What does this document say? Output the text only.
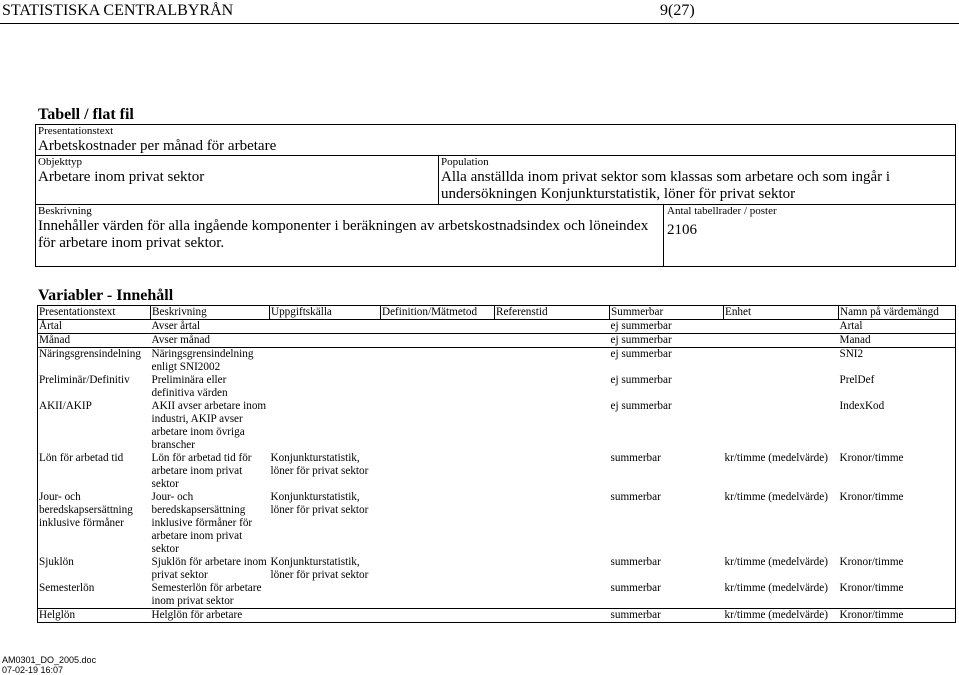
STATISTISKA CENTRALBYRÅN	9(27)
Tabell / flat fil
Presentationstext
Arbetskostnader per månad för arbetare
Objekttyp
Arbetare inom privat sektor
Population
Alla anställda inom privat sektor som klassas som arbetare och som ingår i undersökningen Konjunkturstatistik, löner för privat sektor
Beskrivning
Innehåller värden för alla ingående komponenter i beräkningen av arbetskostnadsindex och löneindex för arbetare inom privat sektor.
Antal tabellrader / poster
2106
Variabler - Innehåll
Presentationstext	Beskrivning	Uppgiftskälla	Definition/Mätmetod	Referenstid	Summerbar	Enhet	Namn på värdemängd
Årtal	Avser årtal				ej summerbar		Artal
Månad	Avser månad				ej summerbar		Manad
Näringsgrensindelning	Näringsgrensindelning enligt SNI2002				ej summerbar		SNI2
Preliminär/Definitiv	Preliminära eller definitiva värden				ej summerbar		PrelDef
AKII/AKIP	AKII avser arbetare inom industri, AKIP avser arbetare inom övriga branscher				ej summerbar		IndexKod
Lön för arbetad tid	Lön för arbetad tid för arbetare inom privat sektor	Konjunkturstatistik, löner för privat sektor			summerbar	kr/timme (medelvärde)	Kronor/timme
Jour- och beredskapsersättning inklusive förmåner	Jour- och beredskapsersättning inklusive förmåner för arbetare inom privat sektor	Konjunkturstatistik, löner för privat sektor			summerbar	kr/timme (medelvärde)	Kronor/timme
Sjuklön	Sjuklön för arbetare inom privat sektor	Konjunkturstatistik, löner för privat sektor			summerbar	kr/timme (medelvärde)	Kronor/timme
Semesterlön	Semesterlön för arbetare inom privat sektor				summerbar	kr/timme (medelvärde)	Kronor/timme
Helglön	Helglön för arbetare				summerbar	kr/timme (medelvärde)	Kronor/timme
AM0301_DO_2005.doc
07-02-19 16:07
